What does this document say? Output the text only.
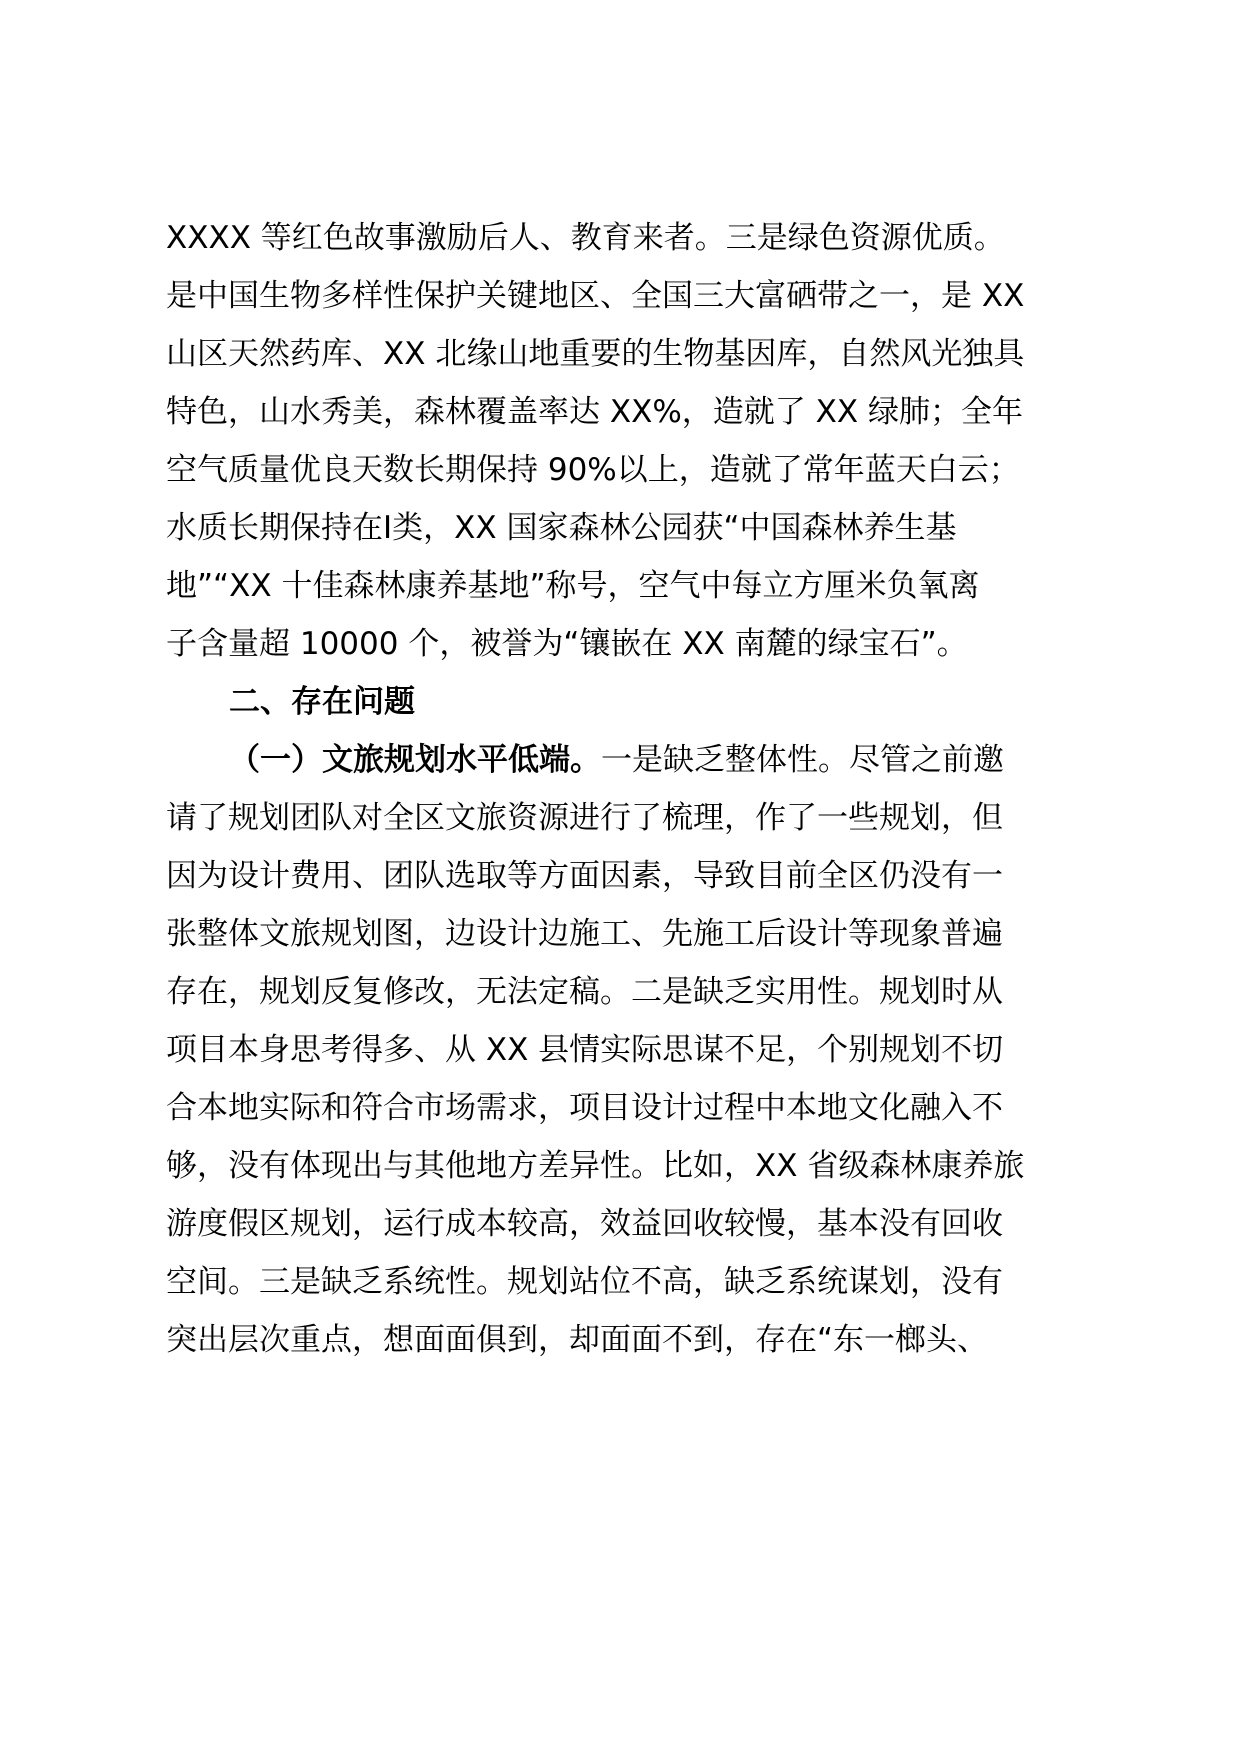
XXXX 等红色故事激励后人、教育来者。三是绿色资源优质。
是中国生物多样性保护关键地区、全国三大富硒带之一，是 XX
山区天然药库、XX 北缘山地重要的生物基因库，自然风光独具
特色，山水秀美，森林覆盖率达 XX%，造就了 XX 绿肺；全年
空气质量优良天数长期保持 90%以上，造就了常年蓝天白云；
水质长期保持在Ⅰ类，XX 国家森林公园获“中国森林养生基
地”“XX 十佳森林康养基地”称号，空气中每立方厘米负氧离
子含量超 10000 个，被誉为“镶嵌在 XX 南麓的绿宝石”。
二、存在问题
（一）文旅规划水平低端。一是缺乏整体性。尽管之前邀
请了规划团队对全区文旅资源进行了梳理，作了一些规划，但
因为设计费用、团队选取等方面因素，导致目前全区仍没有一
张整体文旅规划图，边设计边施工、先施工后设计等现象普遍
存在，规划反复修改，无法定稿。二是缺乏实用性。规划时从
项目本身思考得多、从 XX 县情实际思谋不足，个别规划不切
合本地实际和符合市场需求，项目设计过程中本地文化融入不
够，没有体现出与其他地方差异性。比如，XX 省级森林康养旅
游度假区规划，运行成本较高，效益回收较慢，基本没有回收
空间。三是缺乏系统性。规划站位不高，缺乏系统谋划，没有
突出层次重点，想面面俱到，却面面不到，存在“东一榔头、
